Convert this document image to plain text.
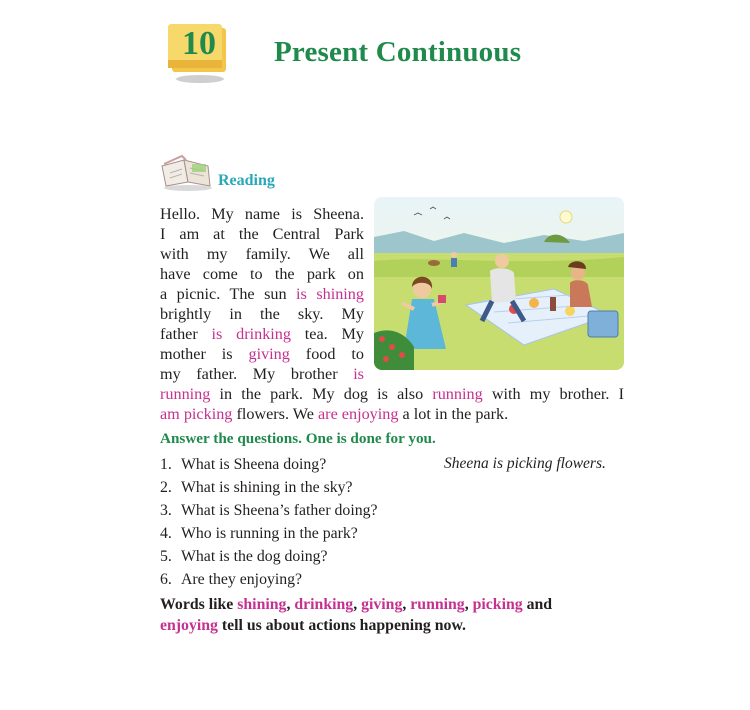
10 Present Continuous
Reading
Hello. My name is Sheena.
I am at the Central Park
with my family. We all
have come to the park on
a picnic. The sun is shining
brightly in the sky. My
father is drinking tea. My
mother is giving food to
my father. My brother is
running in the park. My dog is also running with my brother. I
am picking flowers. We are enjoying a lot in the park.
Answer the questions. One is done for you.
1. What is Sheena doing?	Sheena is picking flowers.
2. What is shining in the sky?
3. What is Sheena’s father doing?
4. Who is running in the park?
5. What is the dog doing?
6. Are they enjoying?
Words like shining, drinking, giving, running, picking and
enjoying tell us about actions happening now.
